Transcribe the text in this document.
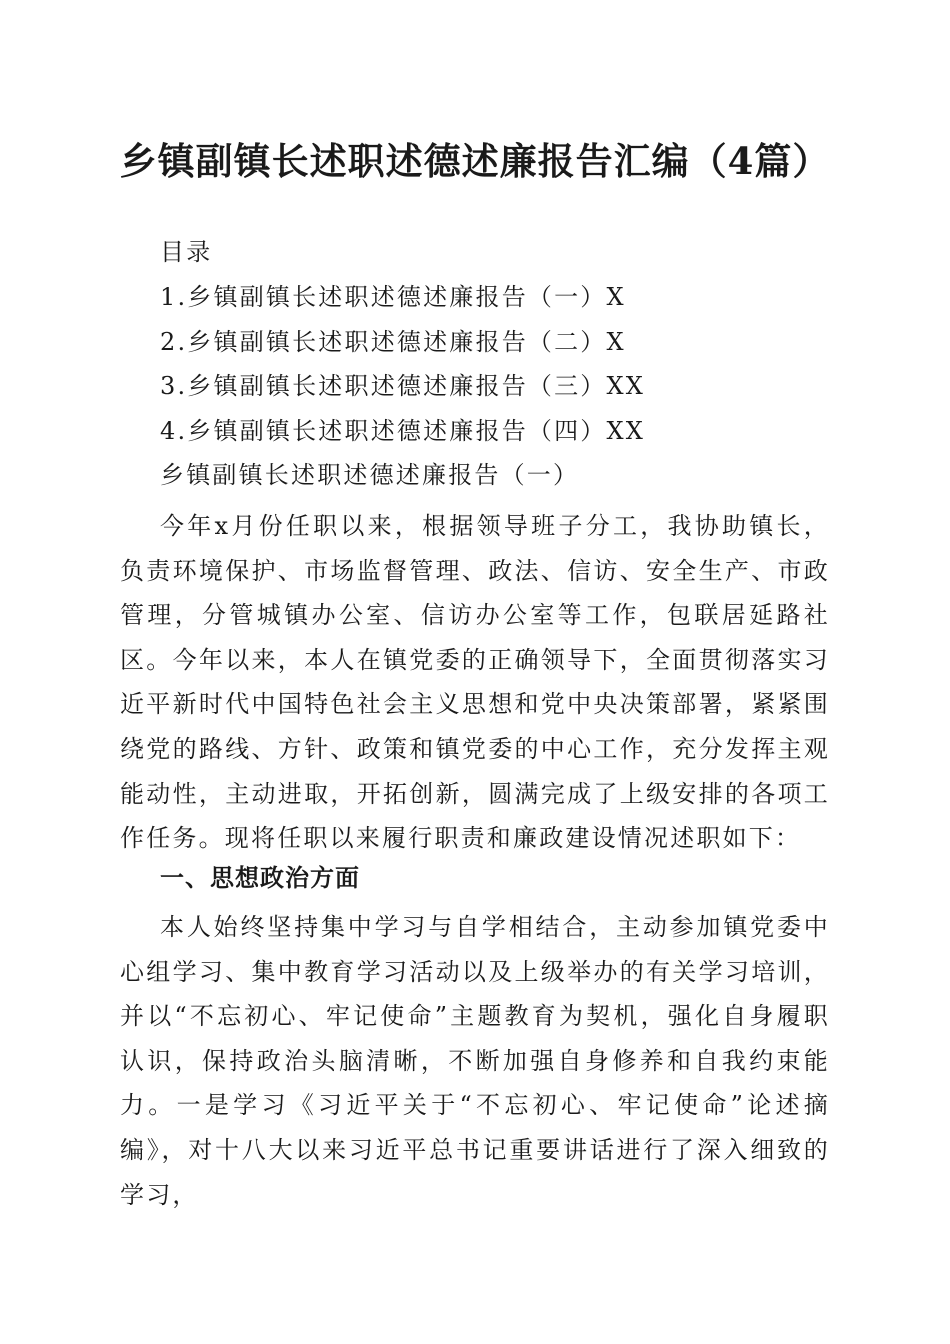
乡镇副镇长述职述德述廉报告汇编（4篇）
目录
1.乡镇副镇长述职述德述廉报告（一）X
2.乡镇副镇长述职述德述廉报告（二）X
3.乡镇副镇长述职述德述廉报告（三）XX
4.乡镇副镇长述职述德述廉报告（四）XX
乡镇副镇长述职述德述廉报告（一）

今年x月份任职以来，根据领导班子分工，我协助镇长，负责环境保护、市场监督管理、政法、信访、安全生产、市政管理，分管城镇办公室、信访办公室等工作，包联居延路社区。今年以来，本人在镇党委的正确领导下，全面贯彻落实习近平新时代中国特色社会主义思想和党中央决策部署，紧紧围绕党的路线、方针、政策和镇党委的中心工作，充分发挥主观能动性，主动进取，开拓创新，圆满完成了上级安排的各项工作任务。现将任职以来履行职责和廉政建设情况述职如下：

一、思想政治方面

本人始终坚持集中学习与自学相结合，主动参加镇党委中心组学习、集中教育学习活动以及上级举办的有关学习培训，并以“不忘初心、牢记使命”主题教育为契机，强化自身履职认识，保持政治头脑清晰，不断加强自身修养和自我约束能力。一是学习《习近平关于“不忘初心、牢记使命”论述摘编》，对十八大以来习近平总书记重要讲话进行了深入细致的学习，
